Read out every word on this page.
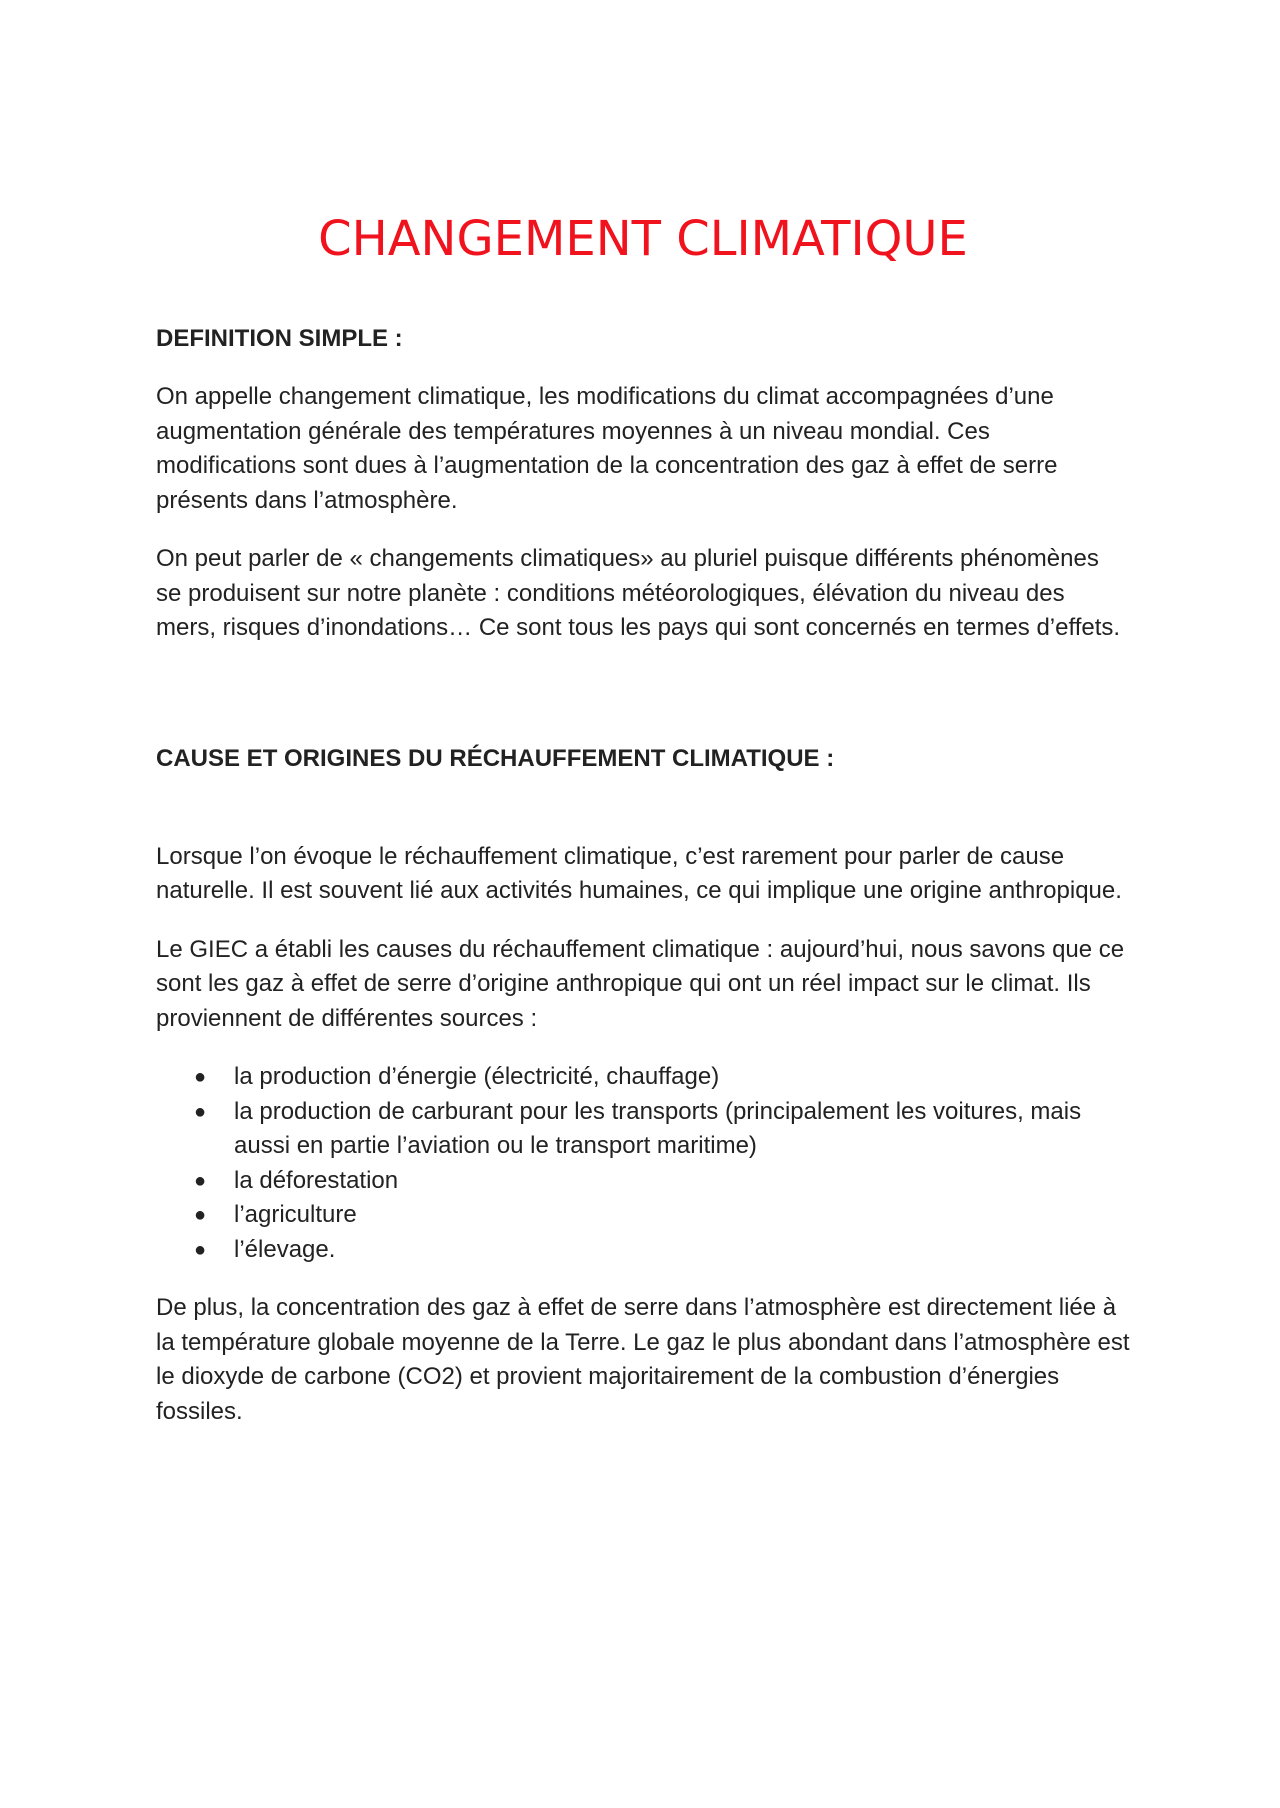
CHANGEMENT CLIMATIQUE

DEFINITION SIMPLE :

On appelle changement climatique, les modifications du climat accompagnées d’une augmentation générale des températures moyennes à un niveau mondial. Ces modifications sont dues à l’augmentation de la concentration des gaz à effet de serre présents dans l’atmosphère.

On peut parler de « changements climatiques» au pluriel puisque différents phénomènes se produisent sur notre planète : conditions météorologiques, élévation du niveau des mers, risques d’inondations… Ce sont tous les pays qui sont concernés en termes d’effets.

CAUSE ET ORIGINES DU RÉCHAUFFEMENT CLIMATIQUE :

Lorsque l’on évoque le réchauffement climatique, c’est rarement pour parler de cause naturelle. Il est souvent lié aux activités humaines, ce qui implique une origine anthropique.

Le GIEC a établi les causes du réchauffement climatique : aujourd’hui, nous savons que ce sont les gaz à effet de serre d’origine anthropique qui ont un réel impact sur le climat. Ils proviennent de différentes sources :

● la production d’énergie (électricité, chauffage)
● la production de carburant pour les transports (principalement les voitures, mais aussi en partie l’aviation ou le transport maritime)
● la déforestation
● l’agriculture
● l’élevage.

De plus, la concentration des gaz à effet de serre dans l’atmosphère est directement liée à la température globale moyenne de la Terre. Le gaz le plus abondant dans l’atmosphère est le dioxyde de carbone (CO2) et provient majoritairement de la combustion d’énergies fossiles.
